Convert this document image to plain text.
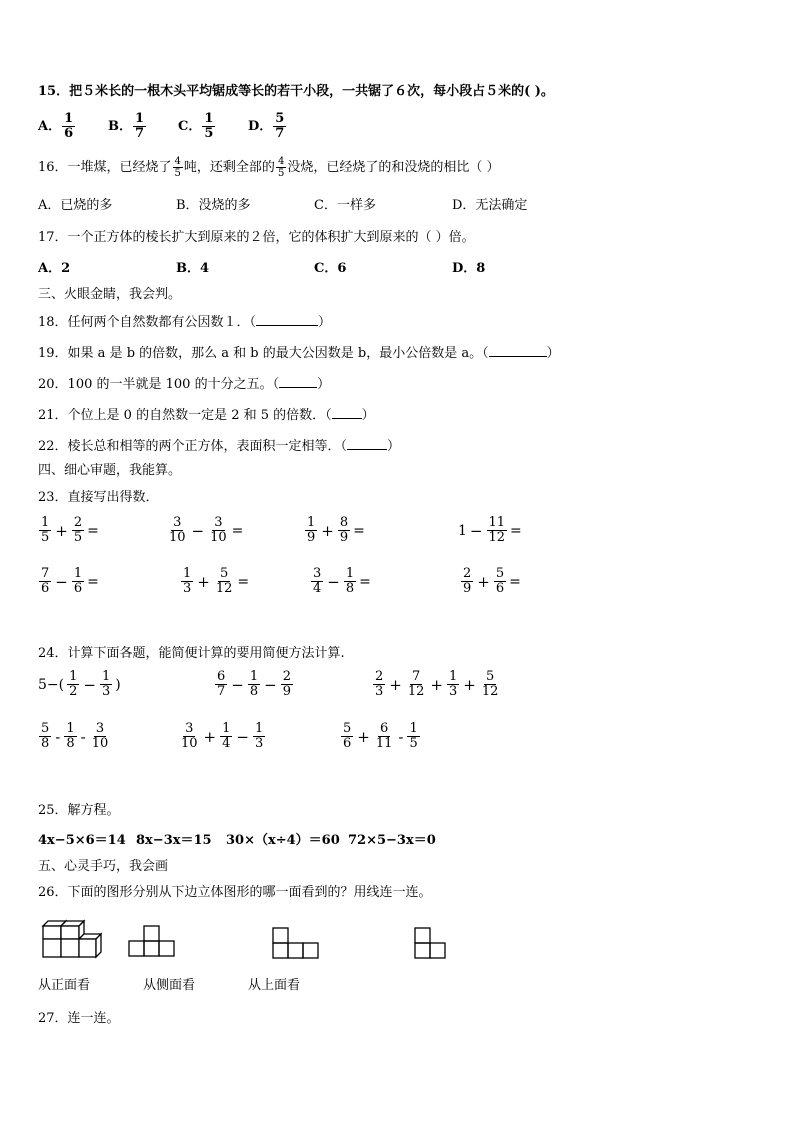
15．把５米长的一根木头平均锯成等长的若干小段，一共锯了６次，每小段占５米的( )。
A． $\frac{1}{6}$	B． $\frac{1}{7}$ C． $\frac{1}{5}$	D． $\frac{5}{7}$
16．一堆煤，已经烧了 $\frac{4}{5}$ 吨，还剩全部的 $\frac{4}{5}$ 没烧，已经烧了的和没烧的相比（ ）
A．已烧的多	B．没烧的多	C．一样多	D．无法确定
17．一个正方体的棱长扩大到原来的２倍，它的体积扩大到原来的（ ）倍。
A．2	B．4	C．6	D．8
三、火眼金睛，我会判。
18．任何两个自然数都有公因数１．（	）
19．如果 a 是 b 的倍数，那么 a 和 b 的最大公因数是 b，最小公倍数是 a。（	）
20．100 的一半就是 100 的十分之五。（	）
21．个位上是 0 的自然数一定是 2 和 5 的倍数．（ ）
22．棱长总和相等的两个正方体，表面积一定相等．（	）
四、细心审题，我能算。
23．直接写出得数．
$\frac{1}{5} + \frac{2}{5}$ =	$\frac{3}{10} - \frac{3}{10}$ =	$\frac{1}{9} + \frac{8}{9}$ =	$1 - \frac{11}{12}$ =
$\frac{7}{6} - \frac{1}{6}$ =	$\frac{1}{3} + \frac{5}{12}$ =	$\frac{3}{4} - \frac{1}{8}$ =	$\frac{2}{9} + \frac{5}{6}$ =
24．计算下面各题，能简便计算的要用简便方法计算.
$5-( \frac{1}{2} - \frac{1}{3}$ )	$\frac{6}{7} - \frac{1}{8} - \frac{2}{9}$	$\frac{2}{3} + \frac{7}{12} + \frac{1}{3} + \frac{5}{12}$
$\frac{5}{8} - \frac{1}{8} - \frac{3}{10}$	$\frac{3}{10} + \frac{1}{4} - \frac{1}{3}$	$\frac{5}{6} + \frac{6}{11} - \frac{1}{5}$
25．解方程。
4x−5×6＝14 8x−3x＝15 30×（x÷4）＝60 72×5−3x＝0
五、心灵手巧，我会画
26．下面的图形分别从下边立体图形的哪一面看到的？用线连一连。
从正面看	从侧面看	从上面看
27．连一连。
